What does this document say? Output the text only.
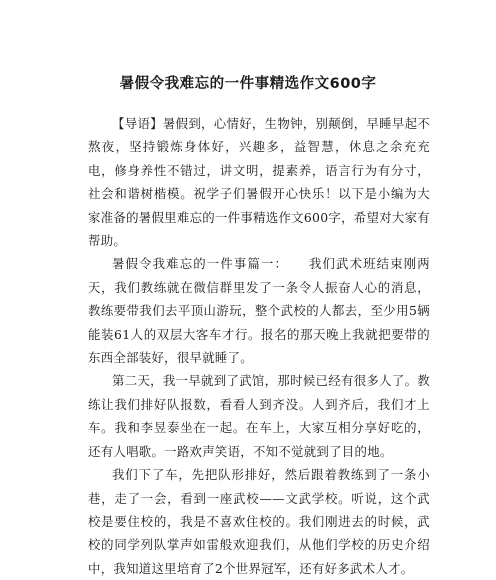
暑假令我难忘的一件事精选作文600字

【导语】暑假到，心情好，生物钟，别颠倒，早睡早起不熬夜，坚持锻炼身体好，兴趣多，益智慧，休息之余充充电，修身养性不错过，讲文明，提素养，语言行为有分寸，社会和谐树楷模。祝学子们暑假开心快乐！以下是小编为大家准备的暑假里难忘的一件事精选作文600字，希望对大家有帮助。

暑假令我难忘的一件事篇一：　　我们武术班结束刚两天，我们教练就在微信群里发了一条令人振奋人心的消息，教练要带我们去平顶山游玩，整个武校的人都去，至少用5辆能装61人的双层大客车才行。报名的那天晚上我就把要带的东西全部装好，很早就睡了。

第二天，我一早就到了武馆，那时候已经有很多人了。教练让我们排好队报数，看看人到齐没。人到齐后，我们才上车。我和李昱泰坐在一起。在车上，大家互相分享好吃的，还有人唱歌。一路欢声笑语，不知不觉就到了目的地。

我们下了车，先把队形排好，然后跟着教练到了一条小巷，走了一会，看到一座武校——文武学校。听说，这个武校是要住校的，我是不喜欢住校的。我们刚进去的时候，武校的同学列队掌声如雷般欢迎我们，从他们学校的历史介绍中，我知道这里培育了2个世界冠军，还有好多武术人才。
